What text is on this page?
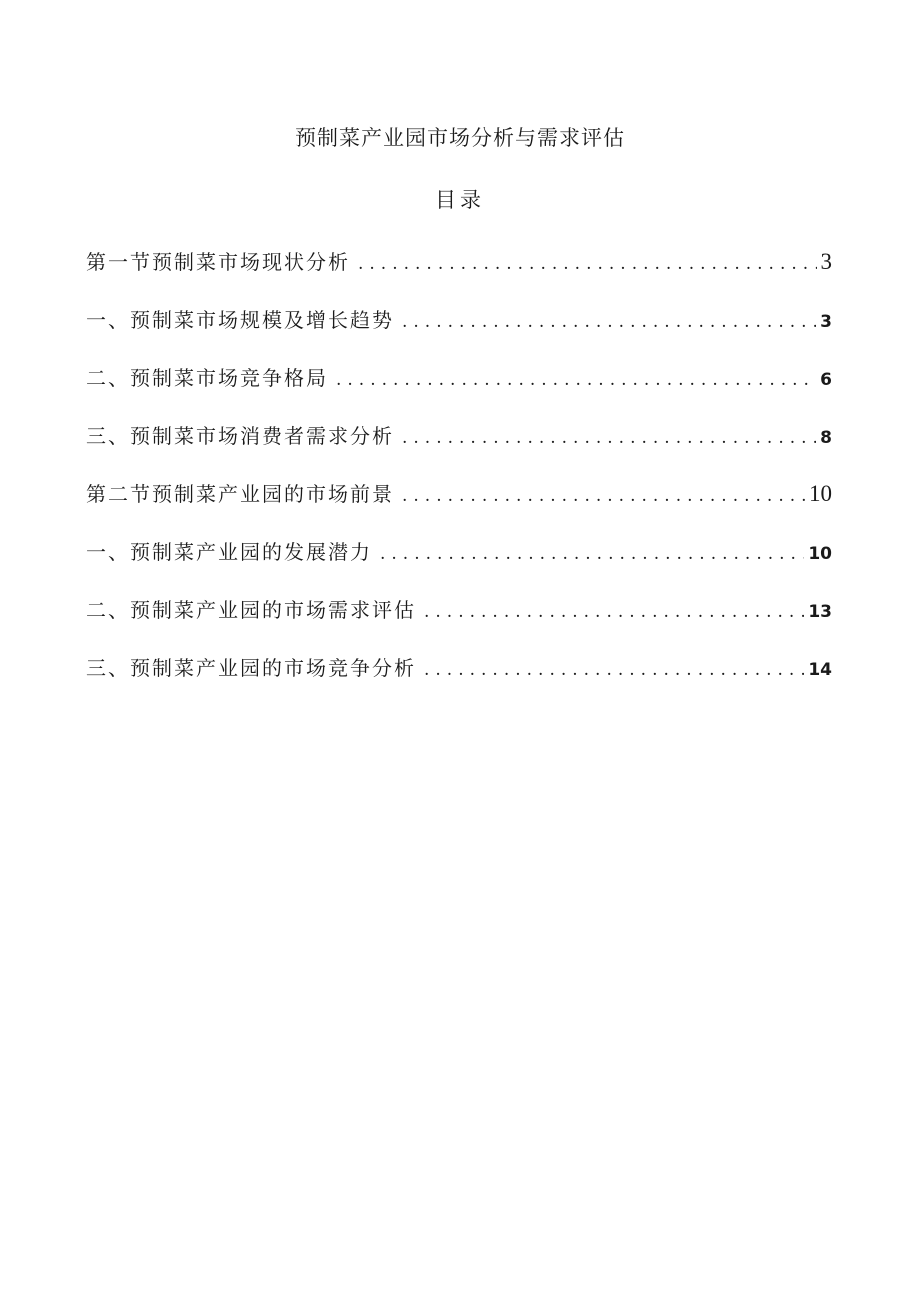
预制菜产业园市场分析与需求评估
目录
第一节预制菜市场现状分析 .....	3
一、预制菜市场规模及增长趋势 .....	3
二、预制菜市场竞争格局 .....	6
三、预制菜市场消费者需求分析 .....	8
第二节预制菜产业园的市场前景 .....	10
一、预制菜产业园的发展潜力 .....	10
二、预制菜产业园的市场需求评估 .....	13
三、预制菜产业园的市场竞争分析 .....	14
